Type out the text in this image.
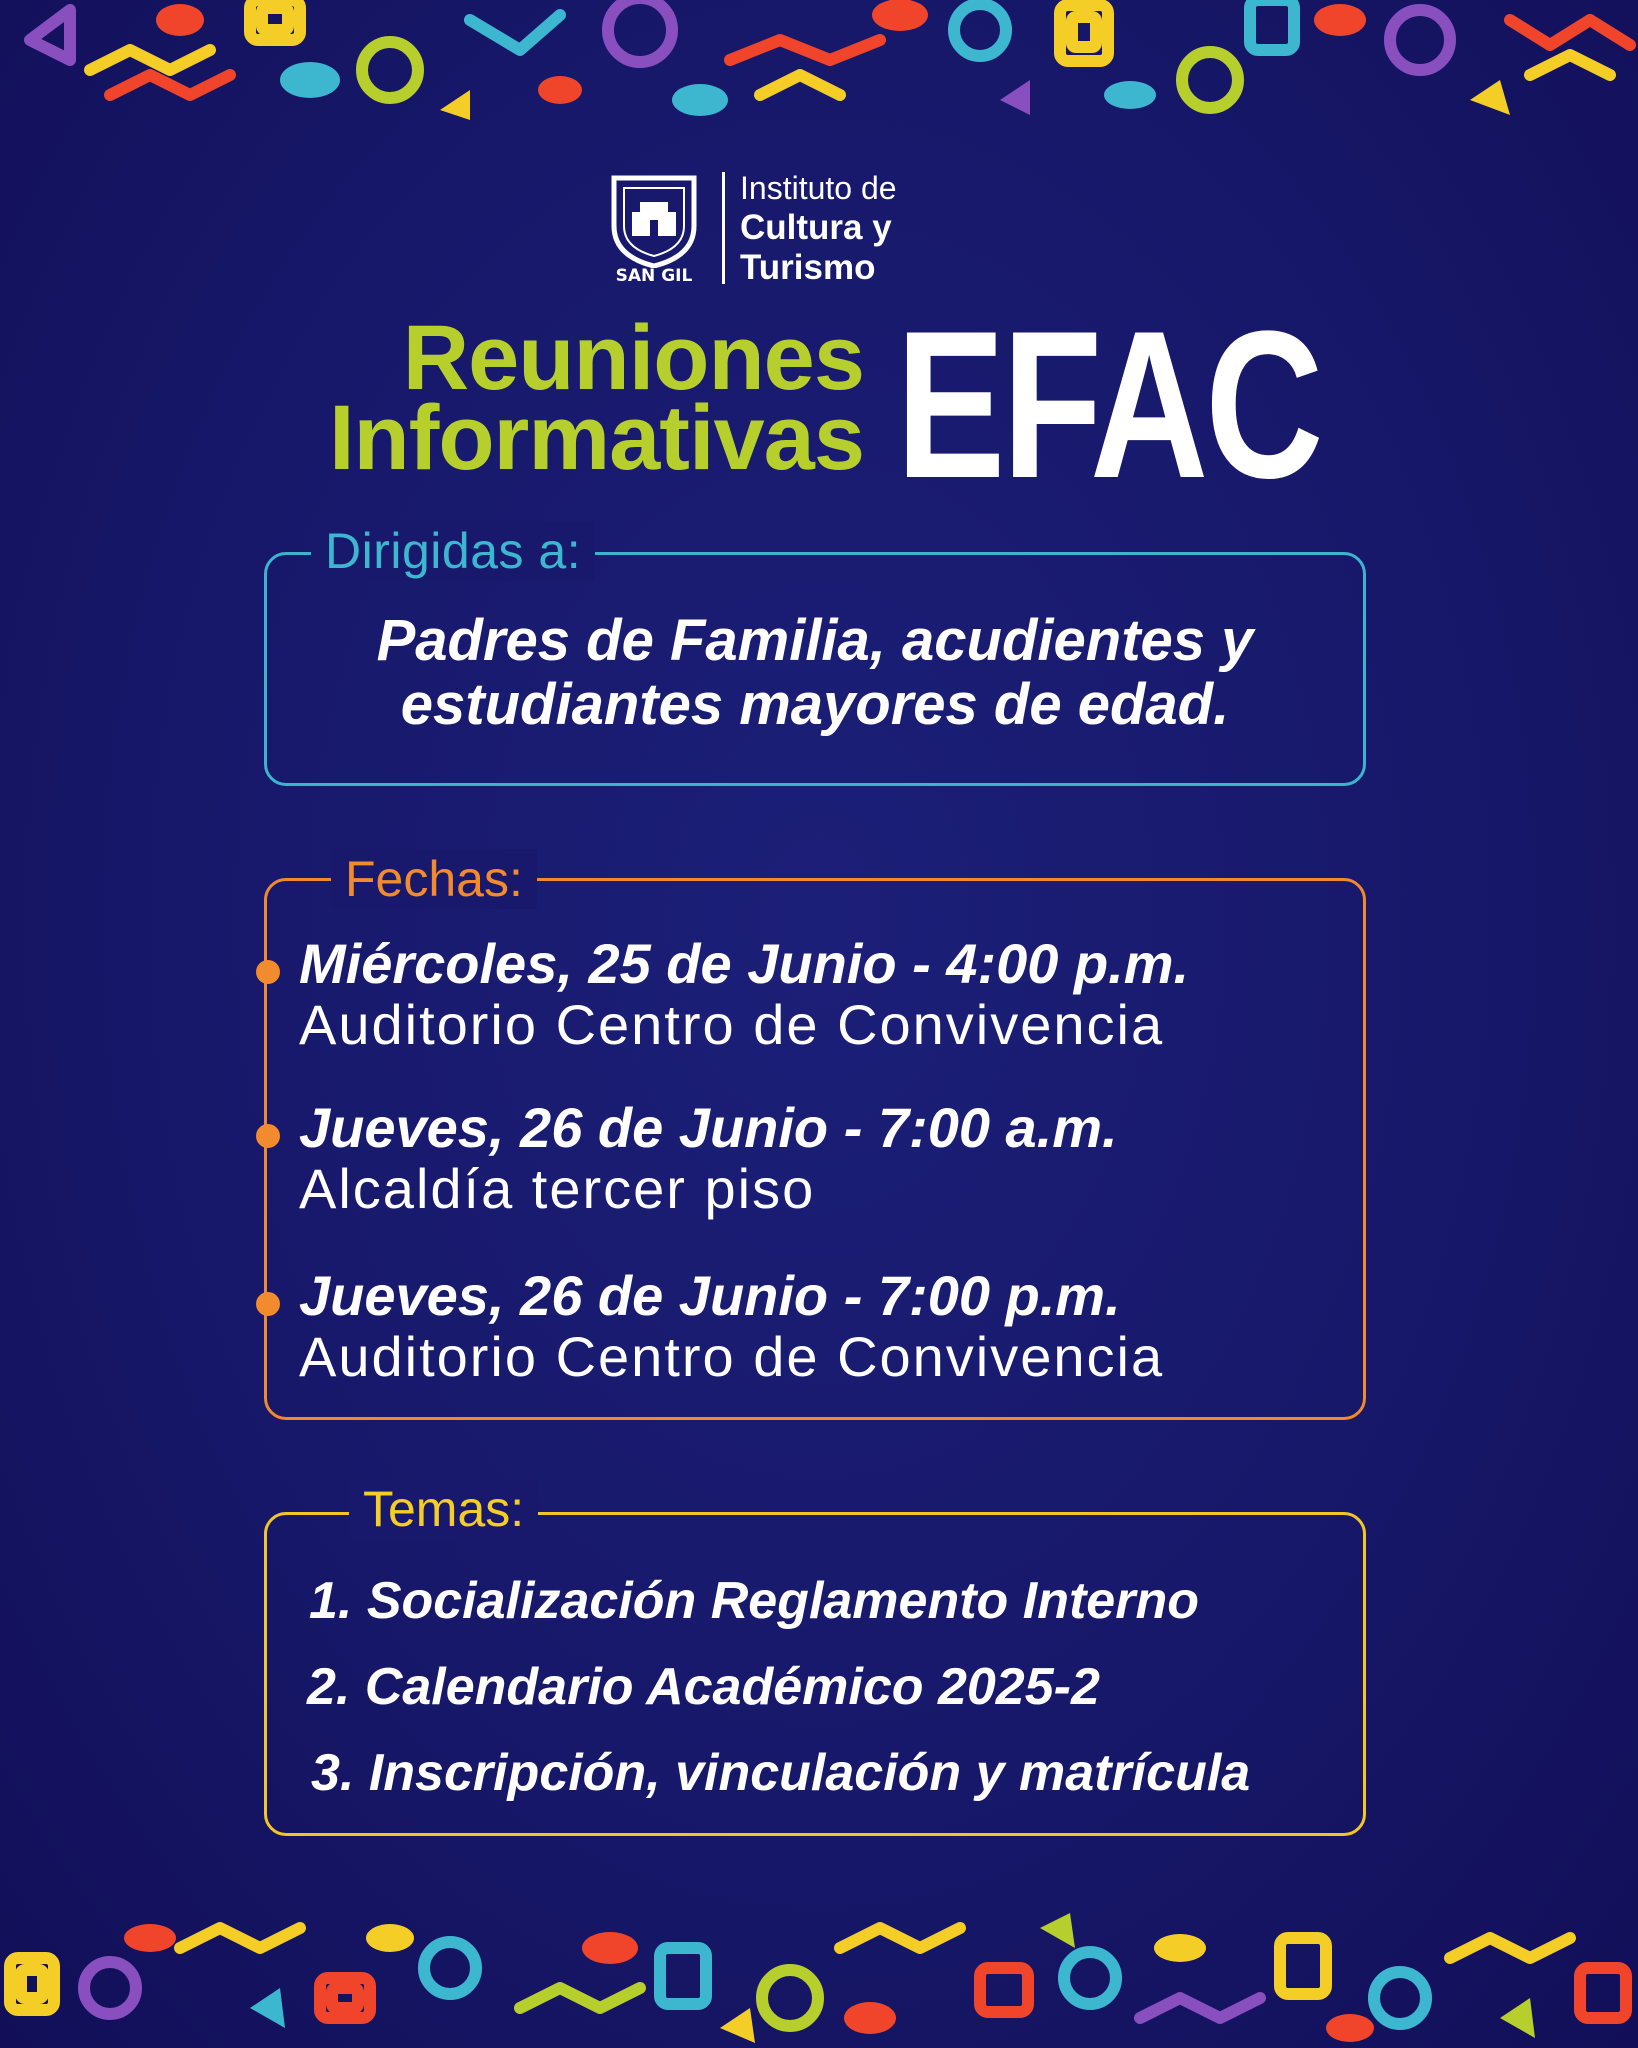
SAN GIL
Instituto de
Cultura y
Turismo
Reuniones
Informativas EFAC
Dirigidas a:
Padres de Familia, acudientes y
estudiantes mayores de edad.
Fechas:
Miércoles, 25 de Junio - 4:00 p.m.
Auditorio Centro de Convivencia
Jueves, 26 de Junio - 7:00 a.m.
Alcaldía tercer piso
Jueves, 26 de Junio - 7:00 p.m.
Auditorio Centro de Convivencia
Temas:
1. Socialización Reglamento Interno
2. Calendario Académico 2025-2
3. Inscripción, vinculación y matrícula
